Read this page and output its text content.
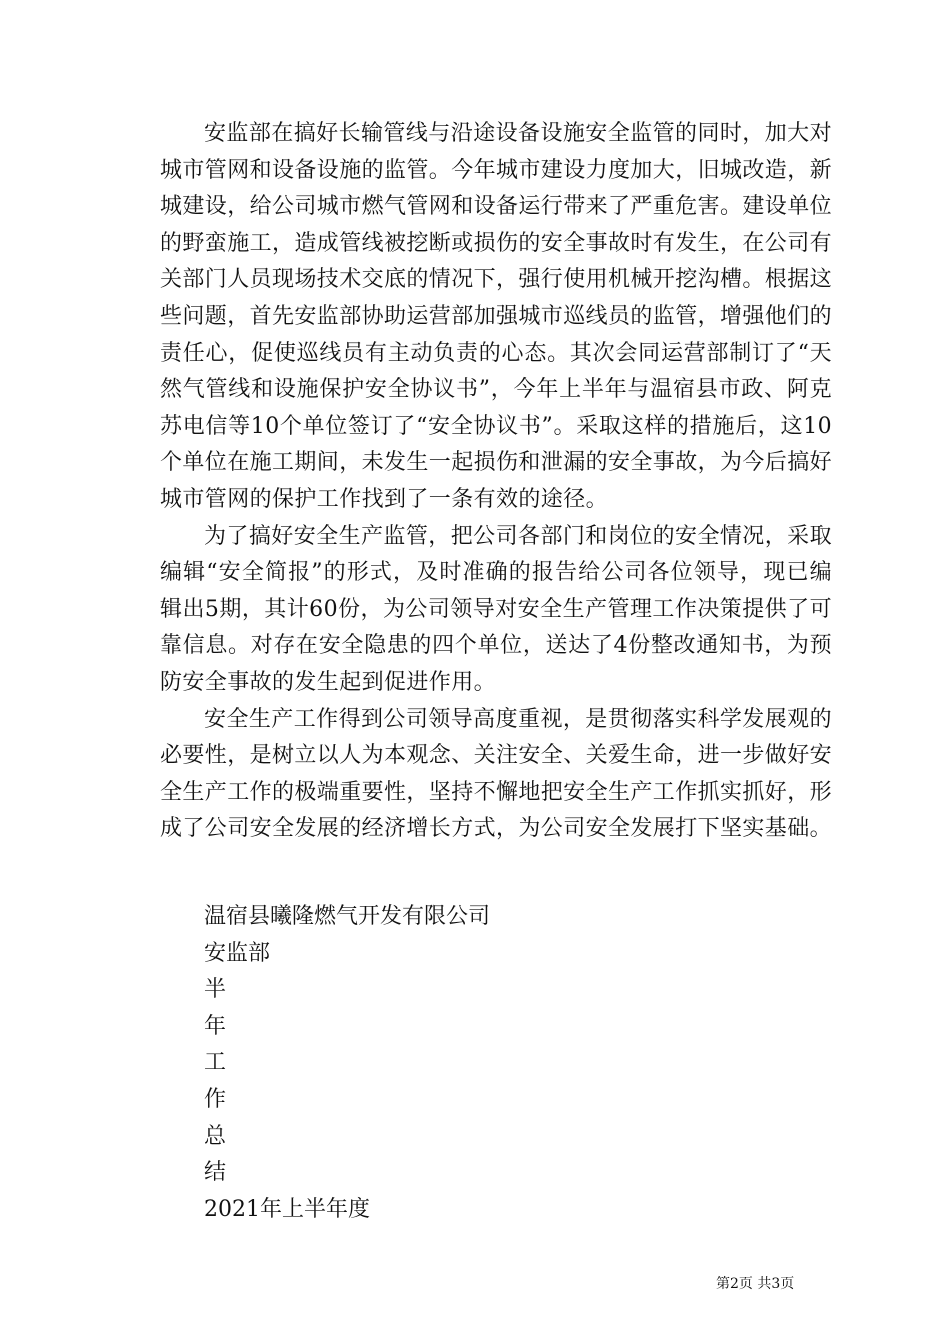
安监部在搞好长输管线与沿途设备设施安全监管的同时，加大对城市管网和设备设施的监管。今年城市建设力度加大，旧城改造，新城建设，给公司城市燃气管网和设备运行带来了严重危害。建设单位的野蛮施工，造成管线被挖断或损伤的安全事故时有发生，在公司有关部门人员现场技术交底的情况下，强行使用机械开挖沟槽。根据这些问题，首先安监部协助运营部加强城市巡线员的监管，增强他们的责任心，促使巡线员有主动负责的心态。其次会同运营部制订了“天然气管线和设施保护安全协议书”，今年上半年与温宿县市政、阿克苏电信等10个单位签订了“安全协议书”。采取这样的措施后，这10个单位在施工期间，未发生一起损伤和泄漏的安全事故，为今后搞好城市管网的保护工作找到了一条有效的途径。

为了搞好安全生产监管，把公司各部门和岗位的安全情况，采取编辑“安全简报”的形式，及时准确的报告给公司各位领导，现已编辑出5期，其计60份，为公司领导对安全生产管理工作决策提供了可靠信息。对存在安全隐患的四个单位，送达了4份整改通知书，为预防安全事故的发生起到促进作用。

安全生产工作得到公司领导高度重视，是贯彻落实科学发展观的必要性，是树立以人为本观念、关注安全、关爱生命，进一步做好安全生产工作的极端重要性，坚持不懈地把安全生产工作抓实抓好，形成了公司安全发展的经济增长方式，为公司安全发展打下坚实基础。

温宿县曦隆燃气开发有限公司
安监部
半
年
工
作
总
结
2021年上半年度
第2页 共3页
